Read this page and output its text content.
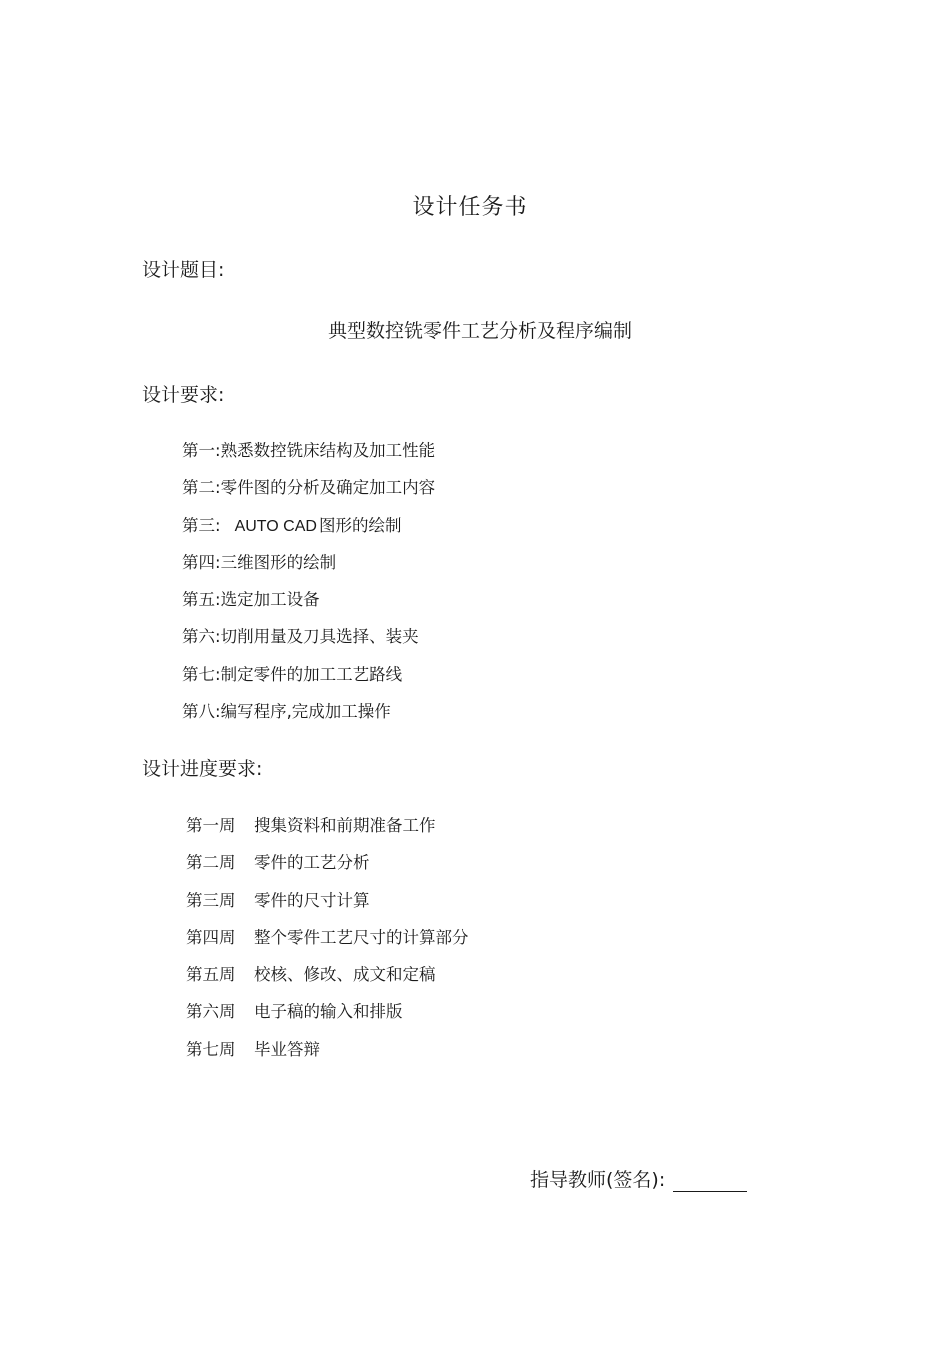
设计任务书
设计题目:
典型数控铣零件工艺分析及程序编制
设计要求:
第一:熟悉数控铣床结构及加工性能
第二:零件图的分析及确定加工内容
第三: AUTO CAD 图形的绘制
第四:三维图形的绘制
第五:选定加工设备
第六:切削用量及刀具选择、装夹
第七:制定零件的加工工艺路线
第八:编写程序,完成加工操作
设计进度要求:
第一周 搜集资料和前期准备工作
第二周 零件的工艺分析
第三周 零件的尺寸计算
第四周 整个零件工艺尺寸的计算部分
第五周 校核、修改、成文和定稿
第六周 电子稿的输入和排版
第七周 毕业答辩
指导教师(签名):
